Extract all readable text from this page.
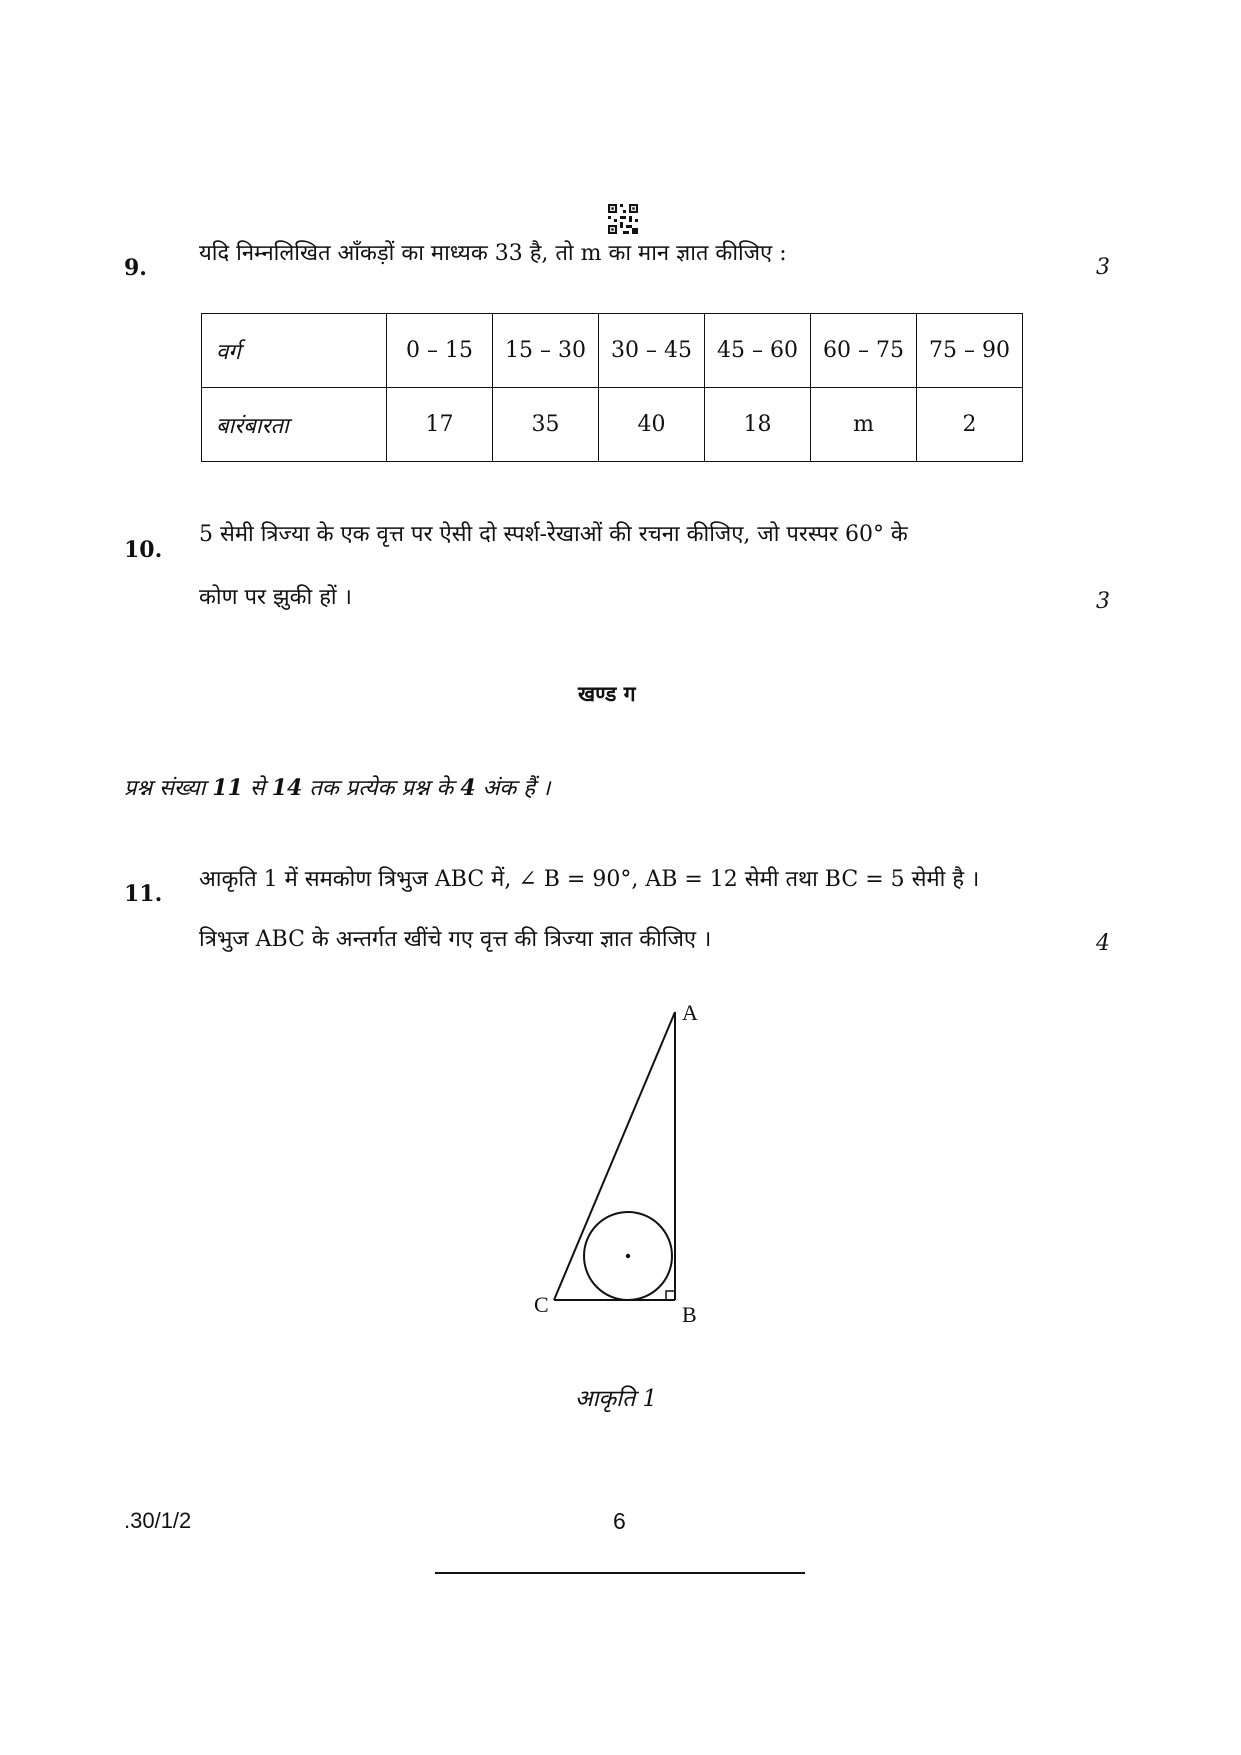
9.
यदि निम्नलिखित आँकड़ों का माध्यक 33 है, तो m का मान ज्ञात कीजिए :
3
वर्ग	0 – 15	15 – 30	30 – 45	45 – 60	60 – 75	75 – 90
बारंबारता	17	35	40	18	m	2
10.
5 सेमी त्रिज्या के एक वृत्त पर ऐसी दो स्पर्श-रेखाओं की रचना कीजिए, जो परस्पर 60° के
कोण पर झुकी हों ।	3
खण्ड ग
प्रश्न संख्या 11 से 14 तक प्रत्येक प्रश्न के 4 अंक हैं ।
11.
आकृति 1 में समकोण त्रिभुज ABC में, ∠ B = 90°, AB = 12 सेमी तथा BC = 5 सेमी है ।
त्रिभुज ABC के अन्तर्गत खींचे गए वृत्त की त्रिज्या ज्ञात कीजिए ।	4
A
B
C
आकृति 1
.30/1/2	6
